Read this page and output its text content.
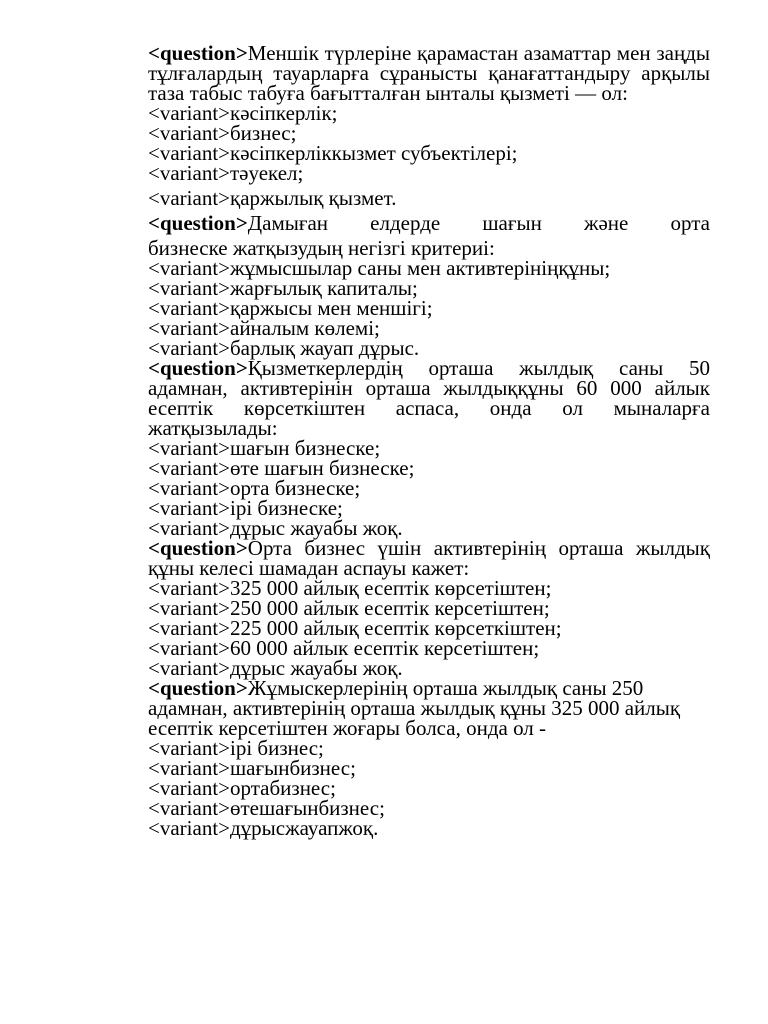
<question>Меншік түрлеріне қарамастан азаматтар мен заңды тұлғалардың тауарларға сұранысты қанағаттандыру арқылы таза табыс табуға бағытталған ынталы қызметі — ол:
<variant>кәсіпкерлік;
<variant>бизнес;
<variant>кәсіпкерліккызмет субъектілері;
<variant>тәуекел;
<variant>қаржылық қызмет.
<question>Дамыған елдерде шағын және орта
бизнеске жатқызудың негізгі критериі:
<variant>жұмысшылар саны мен активтерініңқұны;
<variant>жарғылық капиталы;
<variant>қаржысы мен меншігі;
<variant>айналым көлемі;
<variant>барлық жауап дұрыс.
<question>Қызметкерлердің орташа жылдық саны 50 адамнан, активтерінін орташа жылдыққұны 60 000 айлык есептік көрсеткіштен аспаса, онда ол мыналарға жатқызылады:
<variant>шағын бизнеске;
<variant>өте шағын бизнеске;
<variant>орта бизнеске;
<variant>ірі бизнеске;
<variant>дұрыс жауабы жоқ.
<question>Орта бизнес үшін активтерінің орташа жылдық құны келесі шамадан аспауы кажет:
<variant>325 000 айлық есептік көрсетіштен;
<variant>250 000 айлык есептік керсетіштен;
<variant>225 000 айлық есептік көрсеткіштен;
<variant>60 000 айлык есептік керсетіштен;
<variant>дұрыс жауабы жоқ.
<question>Жұмыскерлерінің орташа жылдық саны 250 адамнан, активтерінің орташа жылдық құны 325 000 айлық есептік керсетіштен жоғары болса, онда ол -
<variant>ірі бизнес;
<variant>шағынбизнес;
<variant>ортабизнес;
<variant>өтешағынбизнес;
<variant>дұрысжауапжоқ.
